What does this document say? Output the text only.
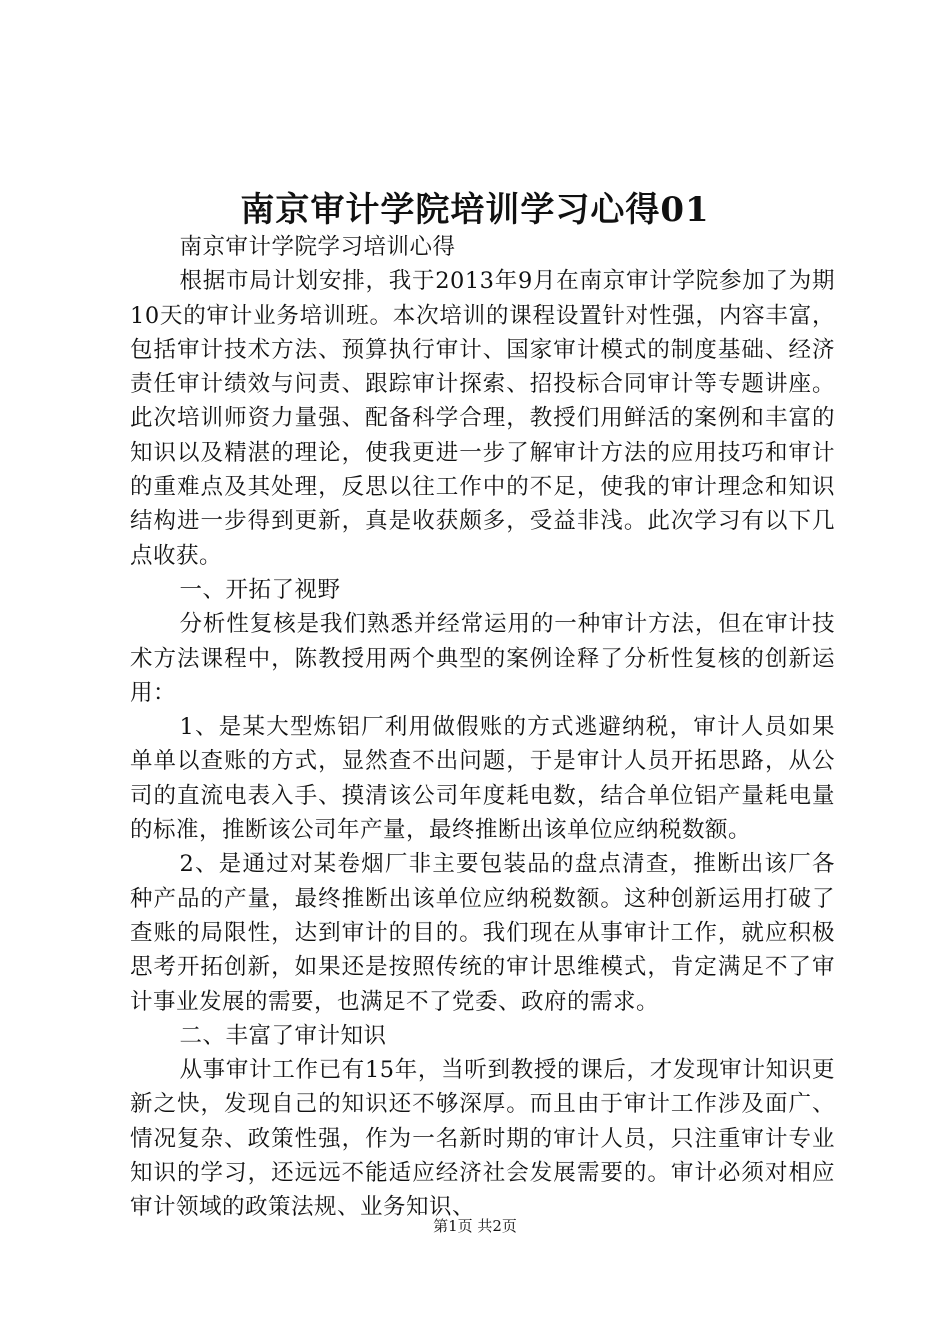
南京审计学院培训学习心得01

南京审计学院学习培训心得

根据市局计划安排，我于2013年9月在南京审计学院参加了为期10天的审计业务培训班。本次培训的课程设置针对性强，内容丰富，包括审计技术方法、预算执行审计、国家审计模式的制度基础、经济责任审计绩效与问责、跟踪审计探索、招投标合同审计等专题讲座。此次培训师资力量强、配备科学合理，教授们用鲜活的案例和丰富的知识以及精湛的理论，使我更进一步了解审计方法的应用技巧和审计的重难点及其处理，反思以往工作中的不足，使我的审计理念和知识结构进一步得到更新，真是收获颇多，受益非浅。此次学习有以下几点收获。

一、开拓了视野

分析性复核是我们熟悉并经常运用的一种审计方法，但在审计技术方法课程中，陈教授用两个典型的案例诠释了分析性复核的创新运用：

1、是某大型炼铝厂利用做假账的方式逃避纳税，审计人员如果单单以查账的方式，显然查不出问题，于是审计人员开拓思路，从公司的直流电表入手、摸清该公司年度耗电数，结合单位铝产量耗电量的标准，推断该公司年产量，最终推断出该单位应纳税数额。

2、是通过对某卷烟厂非主要包装品的盘点清查，推断出该厂各种产品的产量，最终推断出该单位应纳税数额。这种创新运用打破了查账的局限性，达到审计的目的。我们现在从事审计工作，就应积极思考开拓创新，如果还是按照传统的审计思维模式，肯定满足不了审计事业发展的需要，也满足不了党委、政府的需求。

二、丰富了审计知识

从事审计工作已有15年，当听到教授的课后，才发现审计知识更新之快，发现自己的知识还不够深厚。而且由于审计工作涉及面广、情况复杂、政策性强，作为一名新时期的审计人员，只注重审计专业知识的学习，还远远不能适应经济社会发展需要的。审计必须对相应审计领域的政策法规、业务知识、

第1页 共2页
